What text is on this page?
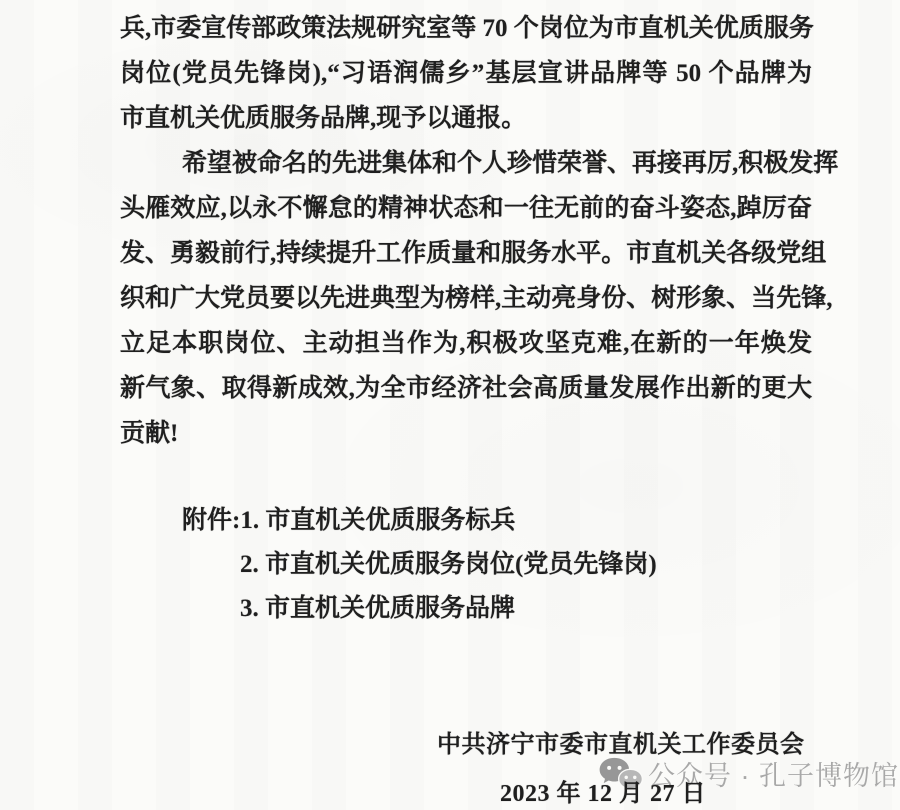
兵,市委宣传部政策法规研究室等 70 个岗位为市直机关优质服务
岗位(党员先锋岗),“习语润儒乡”基层宣讲品牌等 50 个品牌为
市直机关优质服务品牌,现予以通报。
希望被命名的先进集体和个人珍惜荣誉、再接再厉,积极发挥
头雁效应,以永不懈怠的精神状态和一往无前的奋斗姿态,踔厉奋
发、勇毅前行,持续提升工作质量和服务水平。市直机关各级党组
织和广大党员要以先进典型为榜样,主动亮身份、树形象、当先锋,
立足本职岗位、主动担当作为,积极攻坚克难,在新的一年焕发
新气象、取得新成效,为全市经济社会高质量发展作出新的更大
贡献!
附件:1. 市直机关优质服务标兵
2. 市直机关优质服务岗位(党员先锋岗)
3. 市直机关优质服务品牌
中共济宁市委市直机关工作委员会
2023 年 12 月 27 日
公众号 · 孔子博物馆
